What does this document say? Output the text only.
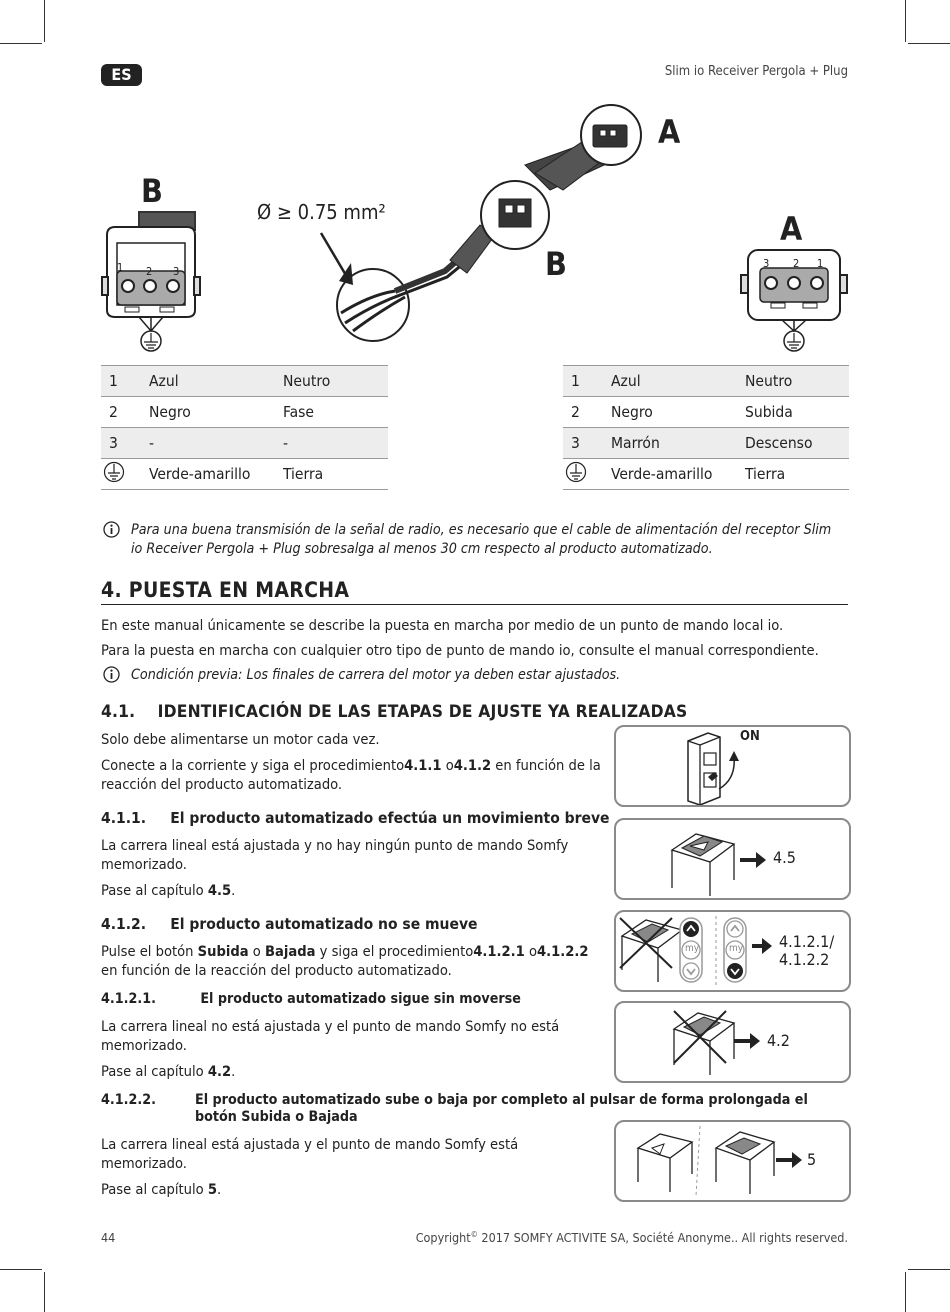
ES	Slim io Receiver Pergola + Plug
1 2 3
B
Ø ≥ 0.75 mm²
A
B
A
3 2 1
1	Azul	Neutro
2	Negro	Fase
3	-	-
	Verde-amarillo	Tierra
1	Azul	Neutro
2	Negro	Subida
3	Marrón	Descenso
	Verde-amarillo	Tierra
Para una buena transmisión de la señal de radio, es necesario que el cable de alimentación del receptor Slim
io Receiver Pergola + Plug sobresalga al menos 30 cm respecto al producto automatizado.
4. PUESTA EN MARCHA
En este manual únicamente se describe la puesta en marcha por medio de un punto de mando local io.
Para la puesta en marcha con cualquier otro tipo de punto de mando io, consulte el manual correspondiente.
Condición previa: Los finales de carrera del motor ya deben estar ajustados.
4.1.    IDENTIFICACIÓN DE LAS ETAPAS DE AJUSTE YA REALIZADAS
Solo debe alimentarse un motor cada vez.
Conecte a la corriente y siga el procedimiento4.1.1 o4.1.2 en función de la
reacción del producto automatizado.
ON
4.1.1.     El producto automatizado efectúa un movimiento breve
La carrera lineal está ajustada y no hay ningún punto de mando Somfy
memorizado.
Pase al capítulo 4.5.
4.5
4.1.2.     El producto automatizado no se mueve
Pulse el botón Subida o Bajada y siga el procedimiento4.1.2.1 o4.1.2.2
en función de la reacción del producto automatizado.
my	my 4.1.2.1/
4.1.2.2
4.1.2.1.          El producto automatizado sigue sin moverse
La carrera lineal no está ajustada y el punto de mando Somfy no está
memorizado.
Pase al capítulo 4.2.
4.2
4.1.2.2.	El producto automatizado sube o baja por completo al pulsar de forma prolongada el
botón Subida o Bajada
La carrera lineal está ajustada y el punto de mando Somfy está
memorizado.
Pase al capítulo 5.
5
44	Copyright© 2017 SOMFY ACTIVITE SA, Société Anonyme.. All rights reserved.
